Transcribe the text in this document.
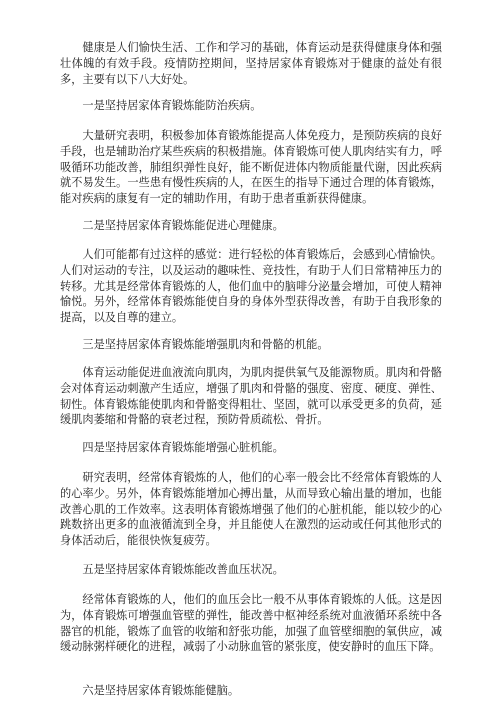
健康是人们愉快生活、工作和学习的基础，体育运动是获得健康身体和强壮体魄的有效手段。疫情防控期间，坚持居家体育锻炼对于健康的益处有很多，主要有以下八大好处。

一是坚持居家体育锻炼能防治疾病。

大量研究表明，积极参加体育锻炼能提高人体免疫力，是预防疾病的良好手段，也是辅助治疗某些疾病的积极措施。体育锻炼可使人肌肉结实有力，呼吸循环功能改善，肺组织弹性良好，能不断促进体内物质能量代谢，因此疾病就不易发生。一些患有慢性疾病的人，在医生的指导下通过合理的体育锻炼，能对疾病的康复有一定的辅助作用，有助于患者重新获得健康。

二是坚持居家体育锻炼能促进心理健康。

人们可能都有过这样的感觉：进行轻松的体育锻炼后，会感到心情愉快。人们对运动的专注，以及运动的趣味性、竞技性，有助于人们日常精神压力的转移。尤其是经常体育锻炼的人，他们血中的脑啡分泌量会增加，可使人精神愉悦。另外，经常体育锻炼能使自身的身体外型获得改善，有助于自我形象的提高，以及自尊的建立。

三是坚持居家体育锻炼能增强肌肉和骨骼的机能。

体育运动能促进血液流向肌肉，为肌肉提供氧气及能源物质。肌肉和骨骼会对体育运动刺激产生适应，增强了肌肉和骨骼的强度、密度、硬度、弹性、韧性。体育锻炼能使肌肉和骨骼变得粗壮、坚固，就可以承受更多的负荷，延缓肌肉萎缩和骨骼的衰老过程，预防骨质疏松、骨折。

四是坚持居家体育锻炼能增强心脏机能。

研究表明，经常体育锻炼的人，他们的心率一般会比不经常体育锻炼的人的心率少。另外，体育锻炼能增加心搏出量，从而导致心输出量的增加，也能改善心肌的工作效率。这表明体育锻炼增强了他们的心脏机能，能以较少的心跳数挤出更多的血液循流到全身，并且能使人在激烈的运动或任何其他形式的身体活动后，能很快恢复疲劳。

五是坚持居家体育锻炼能改善血压状况。

经常体育锻炼的人，他们的血压会比一般不从事体育锻炼的人低。这是因为，体育锻炼可增强血管壁的弹性，能改善中枢神经系统对血液循环系统中各器官的机能，锻炼了血管的收缩和舒张功能，加强了血管壁细胞的氧供应，减缓动脉粥样硬化的进程，减弱了小动脉血管的紧张度，使安静时的血压下降。

六是坚持居家体育锻炼能健脑。
